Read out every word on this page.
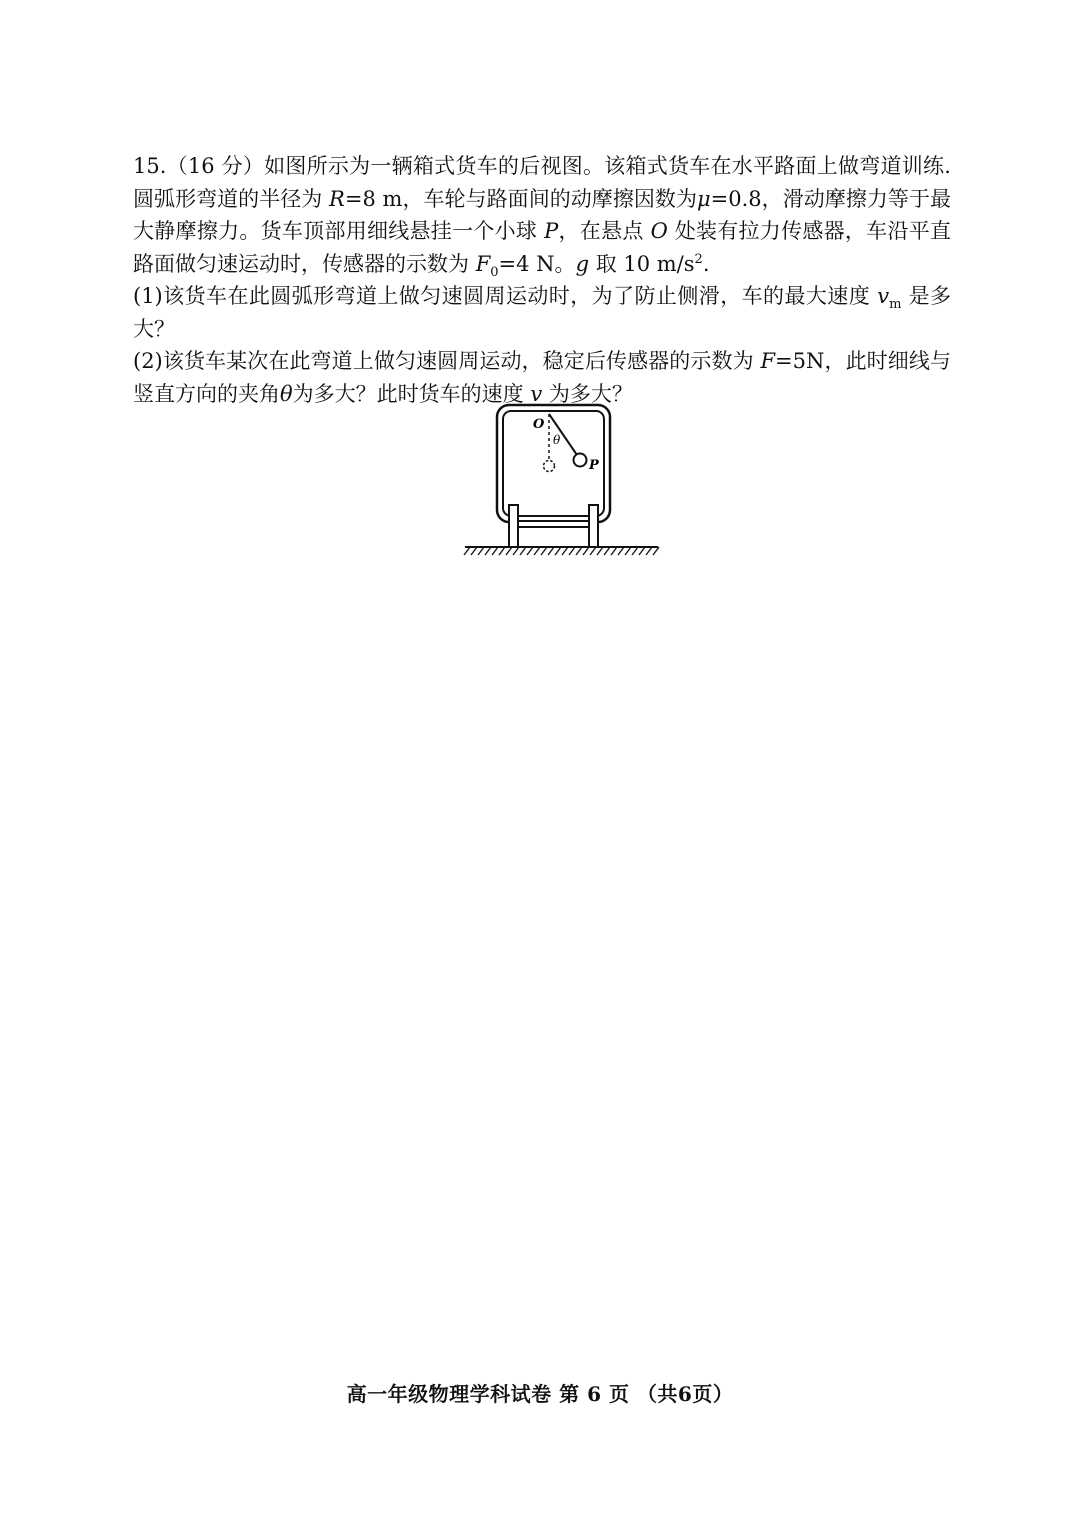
15.（16 分）如图所示为一辆箱式货车的后视图。该箱式货车在水平路面上做弯道训练.圆弧形弯道的半径为 R=8 m，车轮与路面间的动摩擦因数为μ=0.8，滑动摩擦力等于最大静摩擦力。货车顶部用细线悬挂一个小球 P，在悬点 O 处装有拉力传感器，车沿平直路面做匀速运动时，传感器的示数为 $F_0=4$ N。g 取 10 $m/s^2$.

(1)该货车在此圆弧形弯道上做匀速圆周运动时，为了防止侧滑，车的最大速度 $v_m$ 是多大？

(2)该货车某次在此弯道上做匀速圆周运动，稳定后传感器的示数为 F=5N，此时细线与竖直方向的夹角θ为多大？此时货车的速度 v 为多大？

O
θ
P
高一年级物理学科试卷 第 6 页 （共6页）
